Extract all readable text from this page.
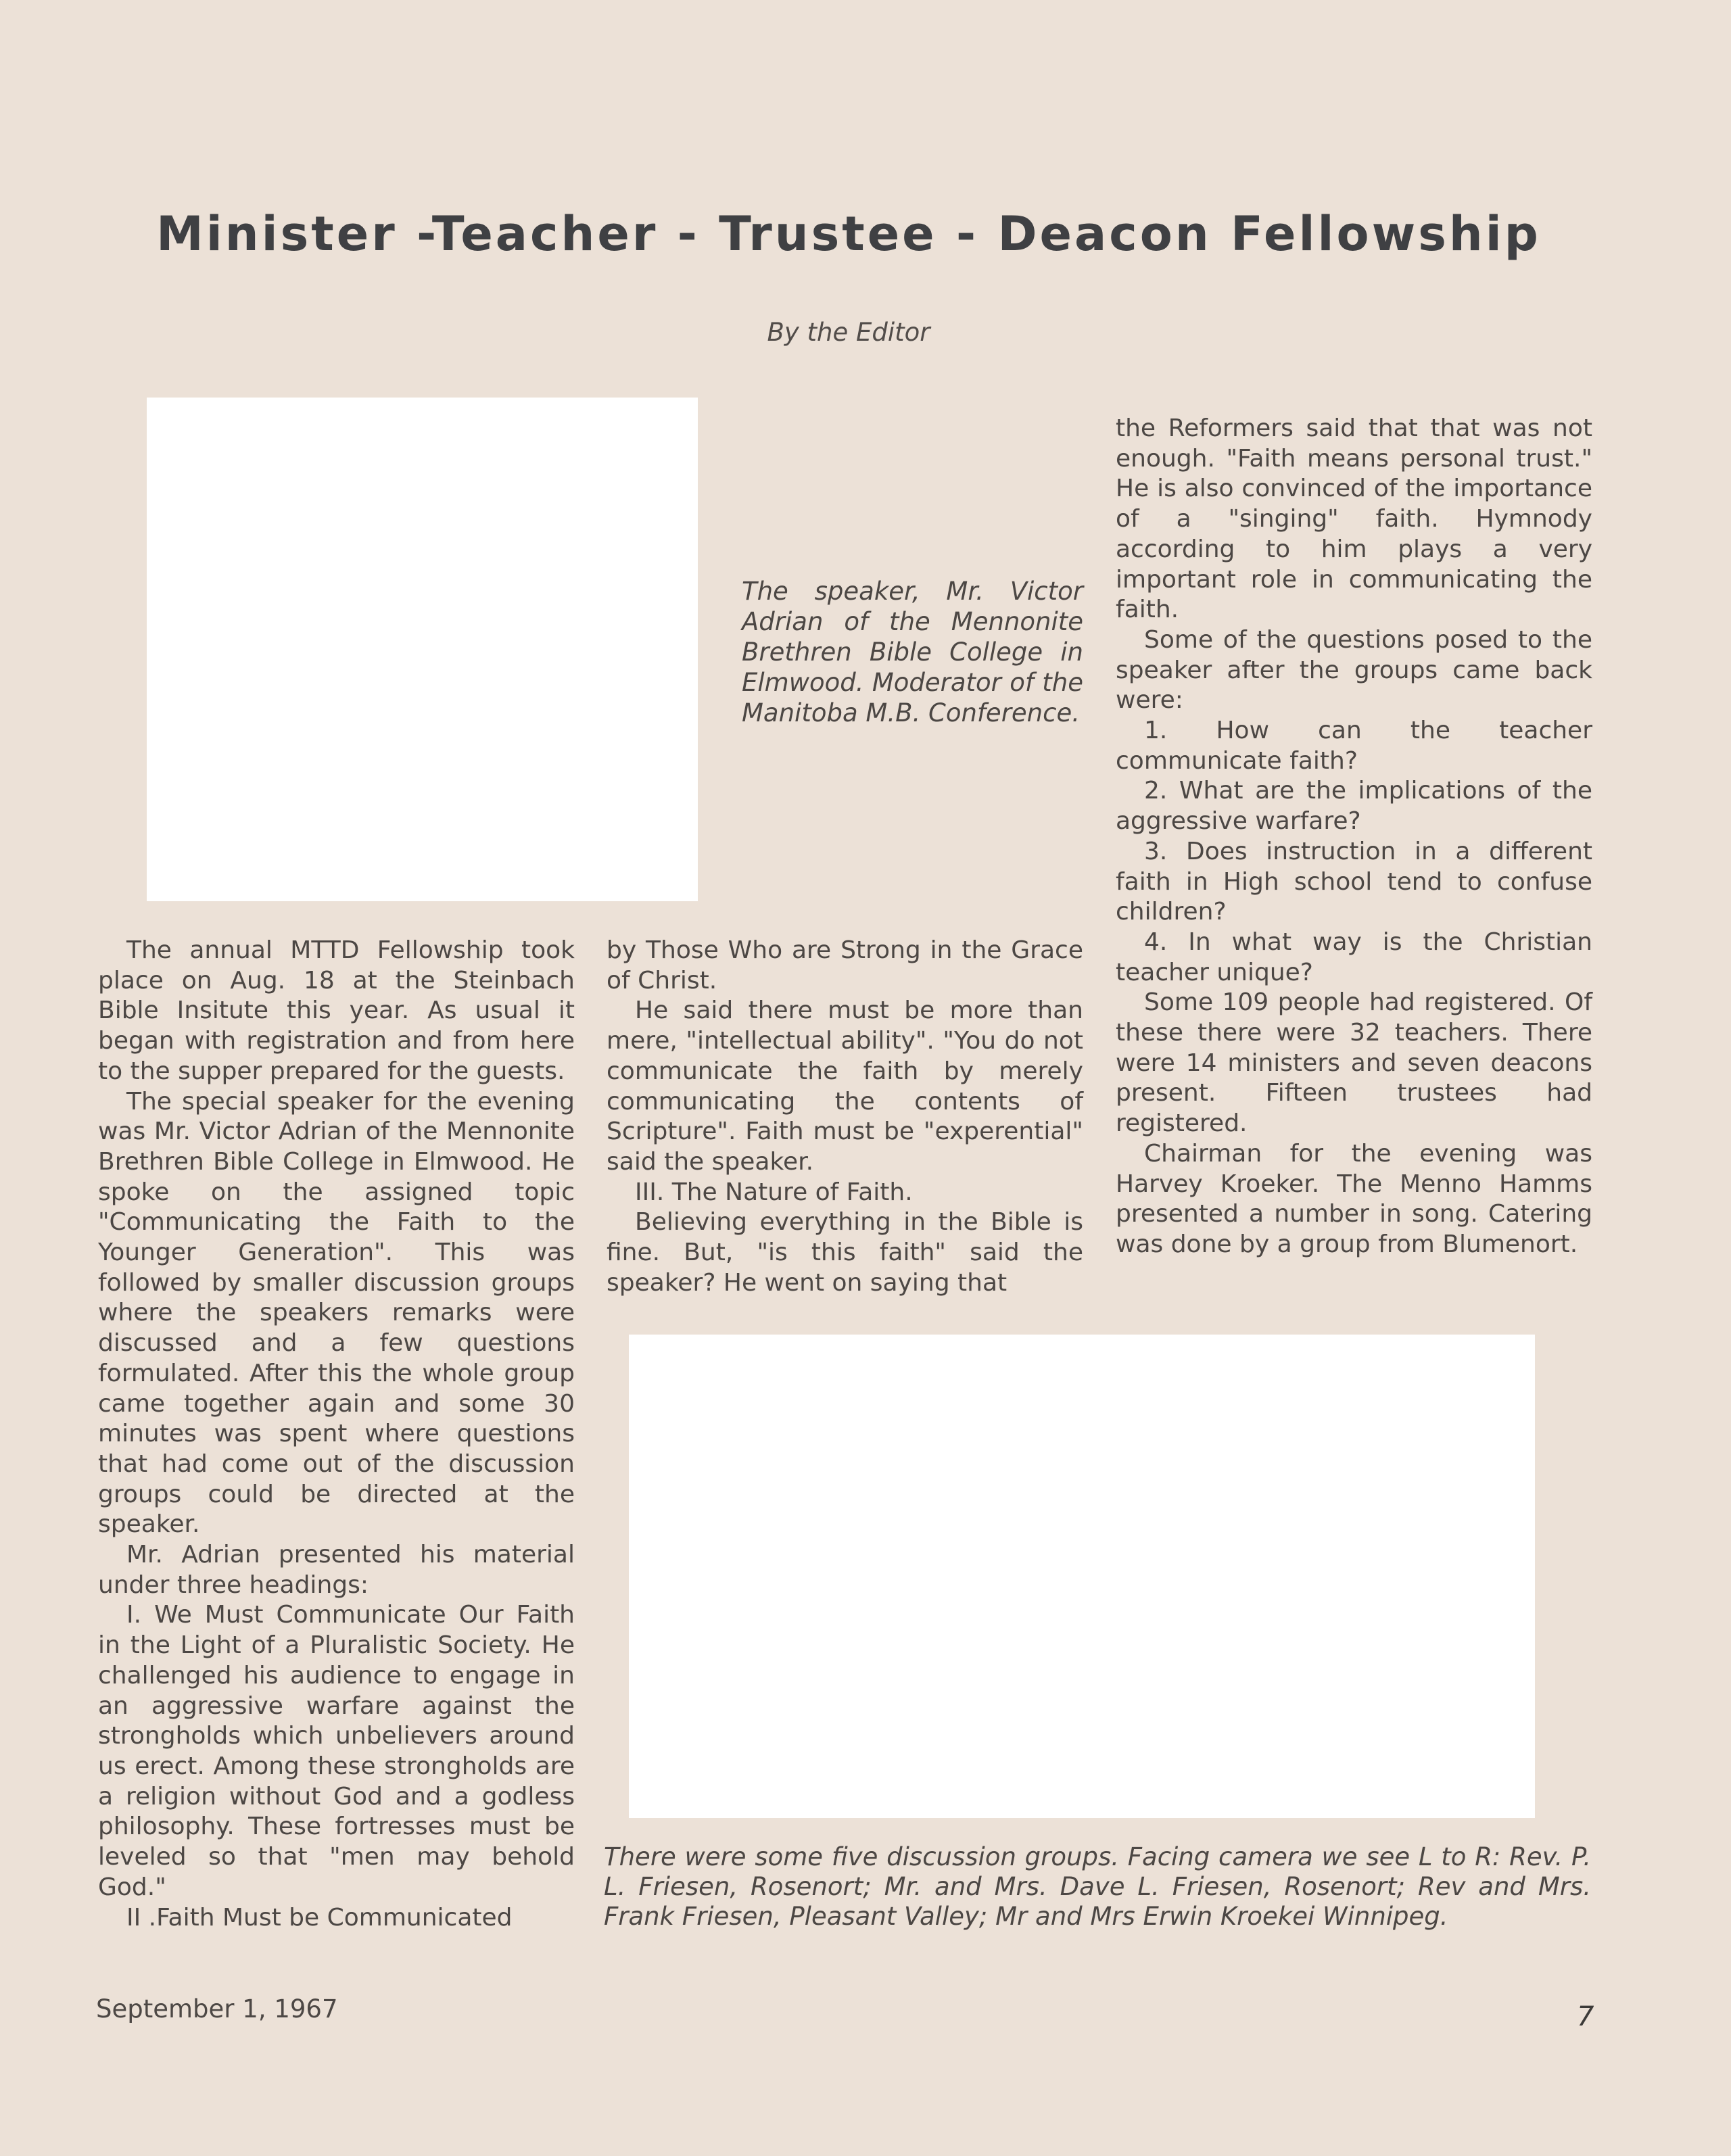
Minister -Teacher - Trustee - Deacon Fellowship
By the Editor
The speaker, Mr. Victor Adrian of the Mennonite Brethren Bible College in Elmwood. Moderator of the Manitoba M.B. Conference.

The annual MTTD Fellowship took place on Aug. 18 at the Steinbach Bible Insitute this year. As usual it began with registration and from here to the supper prepared for the guests.

The special speaker for the evening was Mr. Victor Adrian of the Mennonite Brethren Bible College in Elmwood. He spoke on the assigned topic "Communicating the Faith to the Younger Generation". This was followed by smaller discussion groups where the speakers remarks were discussed and a few questions formulated. After this the whole group came together again and some 30 minutes was spent where questions that had come out of the discussion groups could be directed at the speaker.

Mr. Adrian presented his material under three headings:

I. We Must Communicate Our Faith in the Light of a Pluralistic Society. He challenged his audience to engage in an aggressive warfare against the strongholds which unbelievers around us erect. Among these strongholds are a religion without God and a godless philosophy. These fortresses must be leveled so that "men may behold God."

II .Faith Must be Communicated

by Those Who are Strong in the Grace of Christ.

He said there must be more than mere, "intellectual ability". "You do not communicate the faith by merely communicating the contents of Scripture". Faith must be "experential" said the speaker.

III. The Nature of Faith.

Believing everything in the Bible is fine. But, "is this faith" said the speaker? He went on saying that

the Reformers said that that was not enough. "Faith means personal trust." He is also convinced of the importance of a "singing" faith. Hymnody according to him plays a very important role in communicating the faith.

Some of the questions posed to the speaker after the groups came back were:

1. How can the teacher communicate faith?

2. What are the implications of the aggressive warfare?

3. Does instruction in a different faith in High school tend to confuse children?

4. In what way is the Christian teacher unique?

Some 109 people had registered. Of these there were 32 teachers. There were 14 ministers and seven deacons present. Fifteen trustees had registered.

Chairman for the evening was Harvey Kroeker. The Menno Hamms presented a number in song. Catering was done by a group from Blumenort.

There were some five discussion groups. Facing camera we see L to R: Rev. P. L. Friesen, Rosenort; Mr. and Mrs. Dave L. Friesen, Rosenort; Rev and Mrs. Frank Friesen, Pleasant Valley; Mr and Mrs Erwin Kroekei Winnipeg.
September 1, 1967	7
